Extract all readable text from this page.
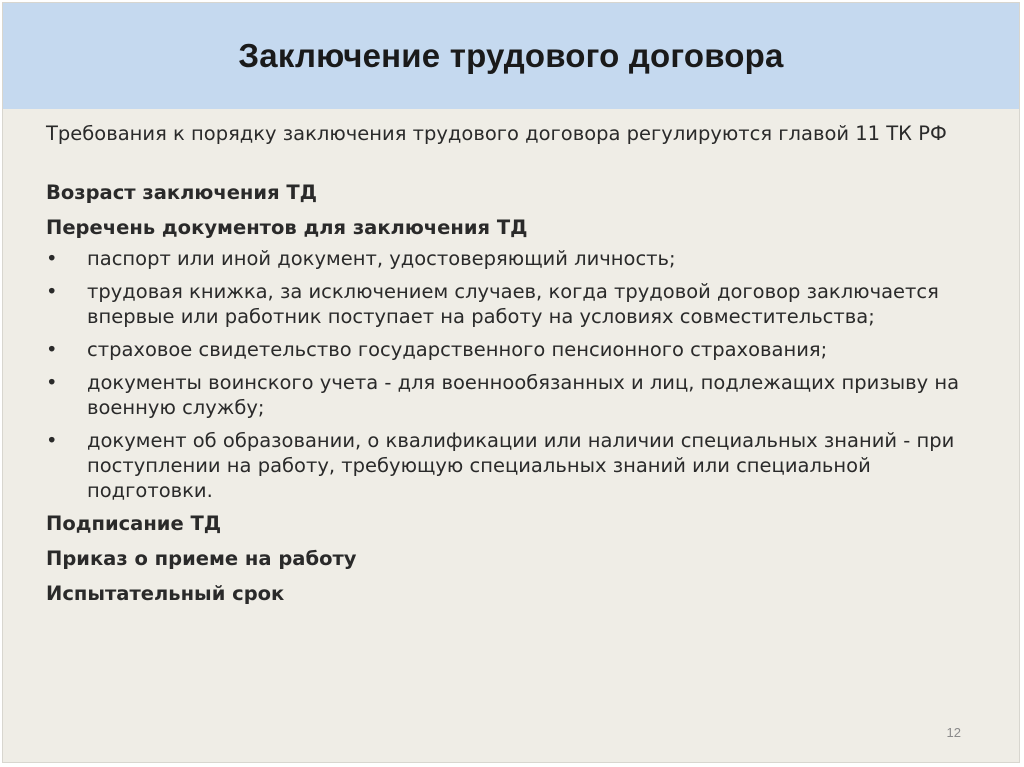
Заключение трудового договора

Требования к порядку заключения трудового договора регулируются главой 11 ТК РФ

Возраст заключения ТД

Перечень документов для заключения ТД

• паспорт или иной документ, удостоверяющий личность;
• трудовая книжка, за исключением случаев, когда трудовой договор заключается впервые или работник поступает на работу на условиях совместительства;
• страховое свидетельство государственного пенсионного страхования;
• документы воинского учета - для военнообязанных и лиц, подлежащих призыву на военную службу;
• документ об образовании, о квалификации или наличии специальных знаний - при поступлении на работу, требующую специальных знаний или специальной подготовки.

Подписание ТД

Приказ о приеме на работу

Испытательный срок

12
